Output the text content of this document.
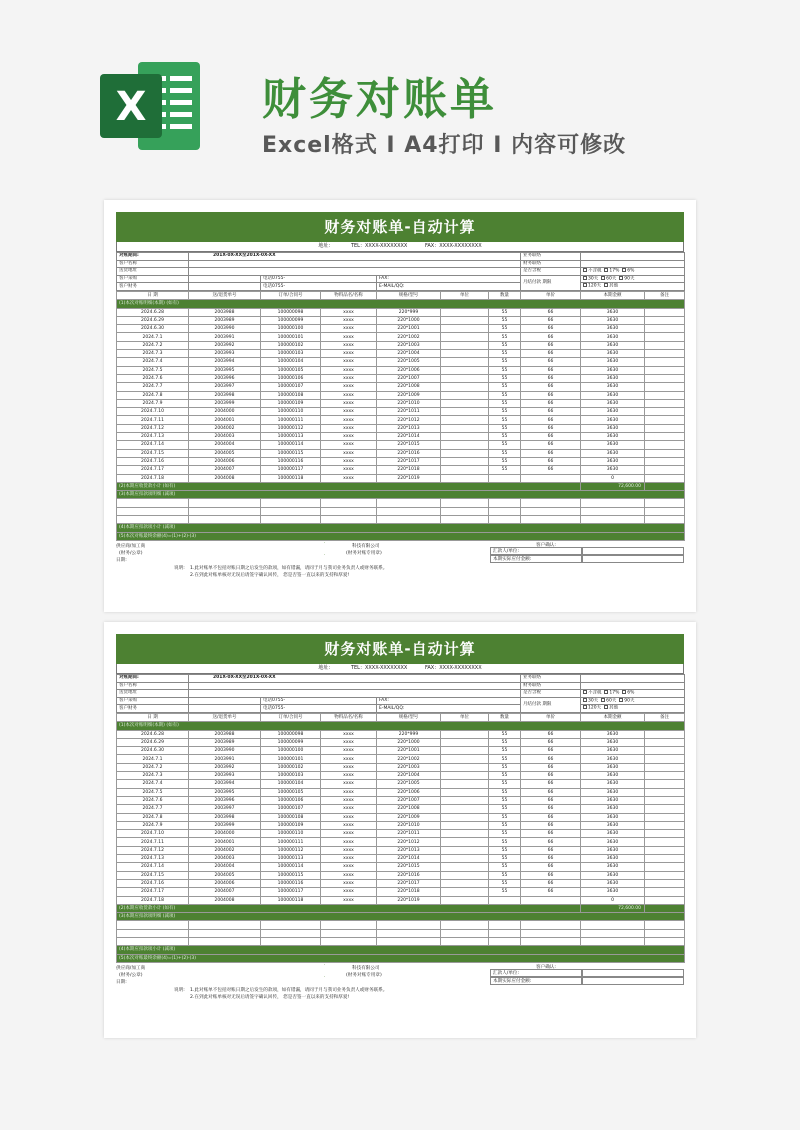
X	财务对账单
Excel格式 I A4打印 I 内容可修改
财务对账单-自动计算
地址：	TEL：XXXX-XXXXXXXX	FAX：XXXX-XXXXXXXX
对账期间:	201X-0X-XX至201X-0X-XX			业务联络	
客户名称				财务联络	
送货地址				是否含税	不含税 17% 6%
客户采购		电话0755-	FAX:	月结付款 期限	30天 60天 90天
客户财务		电话0755-	E-MAIL/QQ:		120天 其他
日 期	送/退货单号	订单/合同号	物料品名/名称	规格/型号	单位	数量	单价	本期金额	备注
(1)本次对账明细(本期) (如有)									
2024.6.28	2003988	100000098	xxxx	220*999		55	66	3630	
2024.6.29	2003989	100000099	xxxx	220*1000		55	66	3630	
2024.6.30	2003990	100000100	xxxx	220*1001		55	66	3630	
2024.7.1	2003991	100000101	xxxx	220*1002		55	66	3630	
2024.7.2	2003992	100000102	xxxx	220*1003		55	66	3630	
2024.7.3	2003993	100000103	xxxx	220*1004		55	66	3630	
2024.7.4	2003994	100000104	xxxx	220*1005		55	66	3630	
2024.7.5	2003995	100000105	xxxx	220*1006		55	66	3630	
2024.7.6	2003996	100000106	xxxx	220*1007		55	66	3630	
2024.7.7	2003997	100000107	xxxx	220*1008		55	66	3630	
2024.7.8	2003998	100000108	xxxx	220*1009		55	66	3630	
2024.7.9	2003999	100000109	xxxx	220*1010		55	66	3630	
2024.7.10	2004000	100000110	xxxx	220*1011		55	66	3630	
2024.7.11	2004001	100000111	xxxx	220*1012		55	66	3630	
2024.7.12	2004002	100000112	xxxx	220*1013		55	66	3630	
2024.7.13	2004003	100000113	xxxx	220*1014		55	66	3630	
2024.7.14	2004004	100000114	xxxx	220*1015		55	66	3630	
2024.7.15	2004005	100000115	xxxx	220*1016		55	66	3630	
2024.7.16	2004006	100000116	xxxx	220*1017		55	66	3630	
2024.7.17	2004007	100000117	xxxx	220*1018		55	66	3630	
2024.7.18	2004008	100000118	xxxx	220*1019				0	
(2)本期应收货款小计 (如有)								72,600.00	
(3)本期应扣款项明细 (减项)									

(4)本期应扣款项小计 (减项)									
(5)本次对账最终余额(4)=(1)+(2)-(3)									
供应商/加工商
(财务/公章)
日期:
·
·
科技有限公司
(财务对账专用章)
客户确认:
汇款人/单位:
本期实际应付金额:
说明: 1.此对账单不包括对账日期之后发生的款项，如有错漏，请同于月与我司业务负责人或财务联系。
2.在到此对账单核对无误后请签字确认回传， 您是否签一直以来的支持和厚爱!
财务对账单-自动计算
地址：	TEL：XXXX-XXXXXXXX	FAX：XXXX-XXXXXXXX
对账期间:	201X-0X-XX至201X-0X-XX			业务联络	
客户名称				财务联络	
送货地址				是否含税	不含税 17% 6%
客户采购		电话0755-	FAX:	月结付款 期限	30天 60天 90天
客户财务		电话0755-	E-MAIL/QQ:		120天 其他
日 期	送/退货单号	订单/合同号	物料品名/名称	规格/型号	单位	数量	单价	本期金额	备注
(1)本次对账明细(本期) (如有)									
2024.6.28	2003988	100000098	xxxx	220*999		55	66	3630	
2024.6.29	2003989	100000099	xxxx	220*1000		55	66	3630	
2024.6.30	2003990	100000100	xxxx	220*1001		55	66	3630	
2024.7.1	2003991	100000101	xxxx	220*1002		55	66	3630	
2024.7.2	2003992	100000102	xxxx	220*1003		55	66	3630	
2024.7.3	2003993	100000103	xxxx	220*1004		55	66	3630	
2024.7.4	2003994	100000104	xxxx	220*1005		55	66	3630	
2024.7.5	2003995	100000105	xxxx	220*1006		55	66	3630	
2024.7.6	2003996	100000106	xxxx	220*1007		55	66	3630	
2024.7.7	2003997	100000107	xxxx	220*1008		55	66	3630	
2024.7.8	2003998	100000108	xxxx	220*1009		55	66	3630	
2024.7.9	2003999	100000109	xxxx	220*1010		55	66	3630	
2024.7.10	2004000	100000110	xxxx	220*1011		55	66	3630	
2024.7.11	2004001	100000111	xxxx	220*1012		55	66	3630	
2024.7.12	2004002	100000112	xxxx	220*1013		55	66	3630	
2024.7.13	2004003	100000113	xxxx	220*1014		55	66	3630	
2024.7.14	2004004	100000114	xxxx	220*1015		55	66	3630	
2024.7.15	2004005	100000115	xxxx	220*1016		55	66	3630	
2024.7.16	2004006	100000116	xxxx	220*1017		55	66	3630	
2024.7.17	2004007	100000117	xxxx	220*1018		55	66	3630	
2024.7.18	2004008	100000118	xxxx	220*1019				0	
(2)本期应收货款小计 (如有)								72,600.00	
(3)本期应扣款项明细 (减项)									

(4)本期应扣款项小计 (减项)									
(5)本次对账最终余额(4)=(1)+(2)-(3)									
供应商/加工商
(财务/公章)
日期:
·
·
科技有限公司
(财务对账专用章)
客户确认:
汇款人/单位:
本期实际应付金额:
说明: 1.此对账单不包括对账日期之后发生的款项，如有错漏，请同于月与我司业务负责人或财务联系。
2.在到此对账单核对无误后请签字确认回传， 您是否签一直以来的支持和厚爱!
